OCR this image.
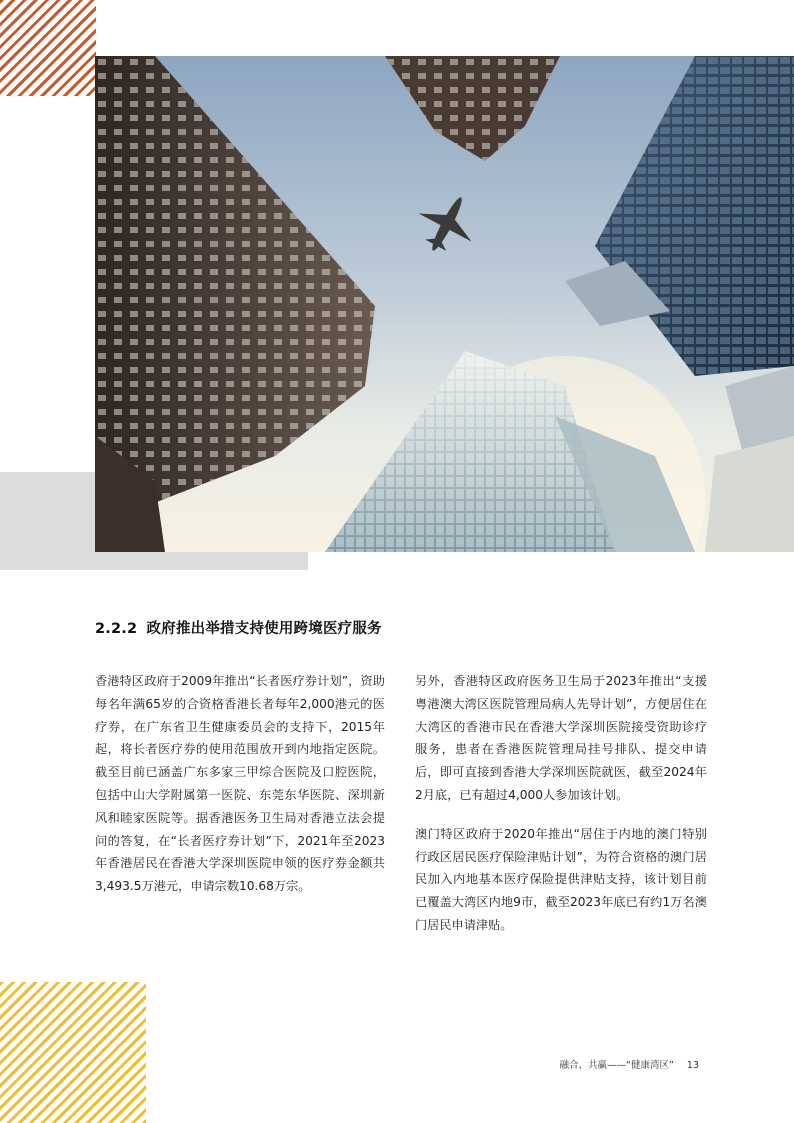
2.2.2 政府推出举措支持使用跨境医疗服务

香港特区政府于2009年推出“长者医疗券计划”，资助每名年满65岁的合资格香港长者每年2,000港元的医疗券，在广东省卫生健康委员会的支持下，2015年起，将长者医疗券的使用范围放开到内地指定医院。截至目前已涵盖广东多家三甲综合医院及口腔医院，包括中山大学附属第一医院、东莞东华医院、深圳新风和睦家医院等。据香港医务卫生局对香港立法会提问的答复，在“长者医疗券计划”下，2021年至2023年香港居民在香港大学深圳医院申领的医疗券金额共3,493.5万港元，申请宗数10.68万宗。

另外，香港特区政府医务卫生局于2023年推出“支援粤港澳大湾区医院管理局病人先导计划”，方便居住在大湾区的香港市民在香港大学深圳医院接受资助诊疗服务，患者在香港医院管理局挂号排队、提交申请后，即可直接到香港大学深圳医院就医，截至2024年2月底，已有超过4,000人参加该计划。

澳门特区政府于2020年推出“居住于内地的澳门特别行政区居民医疗保险津贴计划”，为符合资格的澳门居民加入内地基本医疗保险提供津贴支持，该计划目前已覆盖大湾区内地9市，截至2023年底已有约1万名澳门居民申请津贴。

融合、共赢——“健康湾区” 13
